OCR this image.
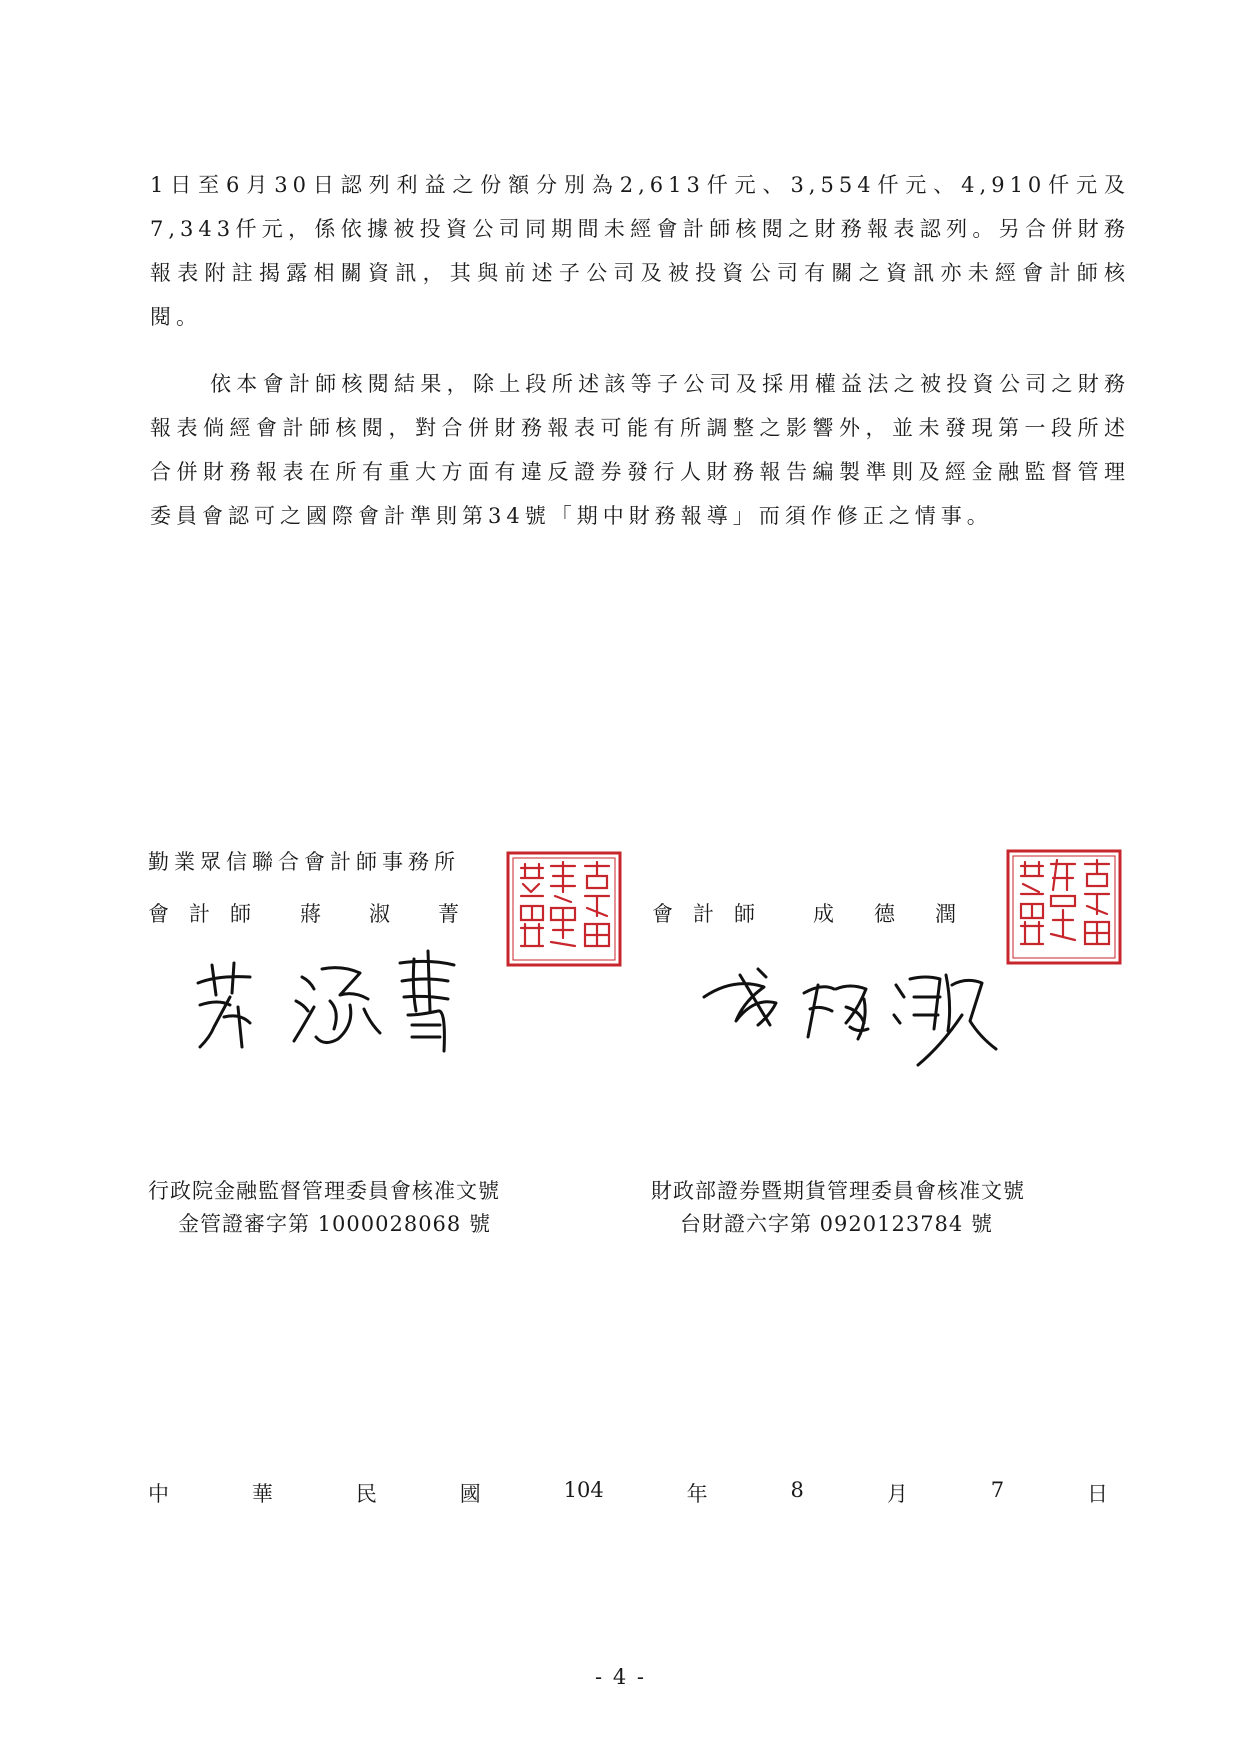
1日至6月30日認列利益之份額分別為2,613仟元、3,554仟元、4,910仟元及7,343仟元，係依據被投資公司同期間未經會計師核閱之財務報表認列。另合併財務報表附註揭露相關資訊，其與前述子公司及被投資公司有關之資訊亦未經會計師核閱。

依本會計師核閱結果，除上段所述該等子公司及採用權益法之被投資公司之財務報表倘經會計師核閱，對合併財務報表可能有所調整之影響外，並未發現第一段所述合併財務報表在所有重大方面有違反證券發行人財務報告編製準則及經金融監督管理委員會認可之國際會計準則第34號「期中財務報導」而須作修正之情事。

勤業眾信聯合會計師事務所
會計師 蔣淑菁	會計師 成德潤
行政院金融監督管理委員會核准文號
金管證審字第 1000028068 號
財政部證券暨期貨管理委員會核准文號
台財證六字第 0920123784 號
中	華	民	國	104	年	8	月	7	日
- 4 -
